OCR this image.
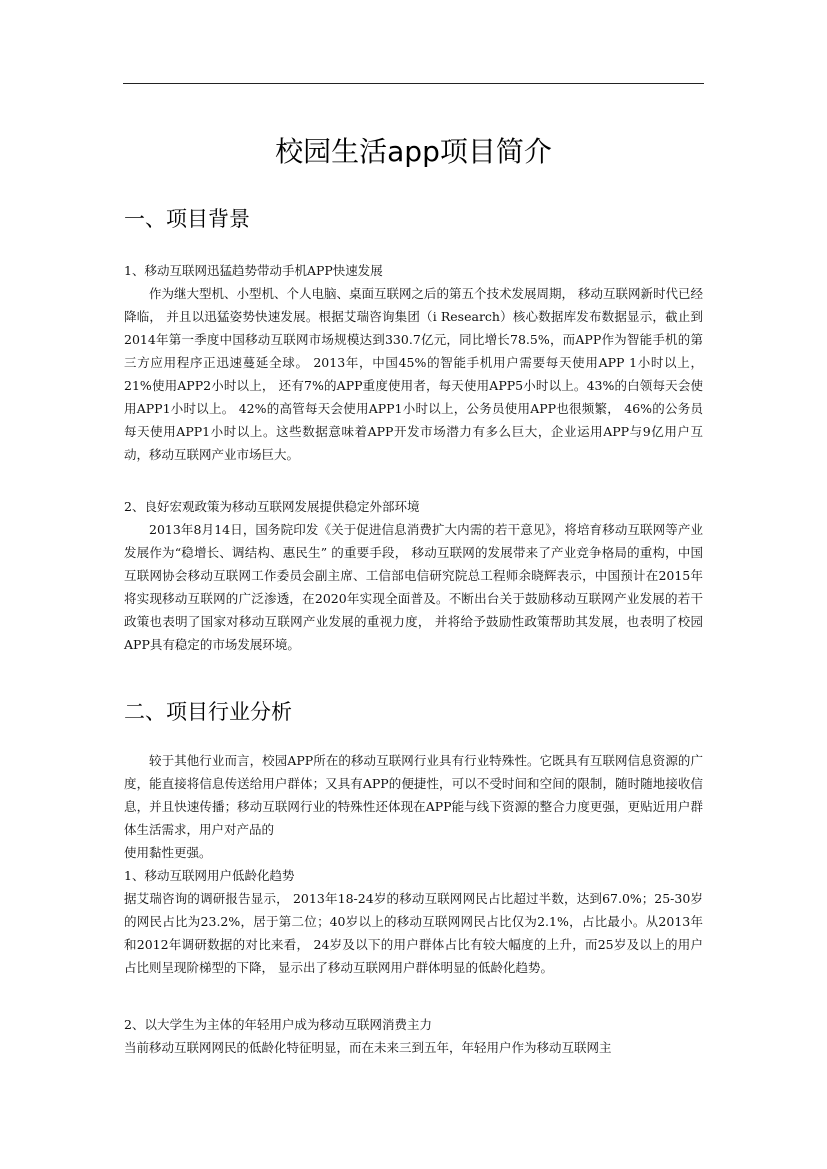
校园生活app项目简介
一、项目背景

1、移动互联网迅猛趋势带动手机APP快速发展

作为继大型机、小型机、个人电脑、桌面互联网之后的第五个技术发展周期， 移动互联网新时代已经降临， 并且以迅猛姿势快速发展。根据艾瑞咨询集团（i Research）核心数据库发布数据显示，截止到2014年第一季度中国移动互联网市场规模达到330.7亿元，同比增长78.5%，而APP作为智能手机的第三方应用程序正迅速蔓延全球。 2013年，中国45%的智能手机用户需要每天使用APP 1小时以上， 21%使用APP2小时以上， 还有7%的APP重度使用者，每天使用APP5小时以上。43%的白领每天会使用APP1小时以上。 42%的高管每天会使用APP1小时以上，公务员使用APP也很频繁， 46%的公务员每天使用APP1小时以上。这些数据意味着APP开发市场潜力有多么巨大，企业运用APP与9亿用户互动，移动互联网产业市场巨大。

2、良好宏观政策为移动互联网发展提供稳定外部环境

2013年8月14日，国务院印发《关于促进信息消费扩大内需的若干意见》，将培育移动互联网等产业发展作为“稳增长、调结构、惠民生” 的重要手段， 移动互联网的发展带来了产业竞争格局的重构，中国互联网协会移动互联网工作委员会副主席、工信部电信研究院总工程师余晓辉表示，中国预计在2015年将实现移动互联网的广泛渗透，在2020年实现全面普及。不断出台关于鼓励移动互联网产业发展的若干政策也表明了国家对移动互联网产业发展的重视力度， 并将给予鼓励性政策帮助其发展，也表明了校园APP具有稳定的市场发展环境。

二、项目行业分析

较于其他行业而言，校园APP所在的移动互联网行业具有行业特殊性。它既具有互联网信息资源的广度，能直接将信息传送给用户群体；又具有APP的便捷性，可以不受时间和空间的限制，随时随地接收信息，并且快速传播；移动互联网行业的特殊性还体现在APP能与线下资源的整合力度更强，更贴近用户群体生活需求，用户对产品的

使用黏性更强。

1、移动互联网用户低龄化趋势

据艾瑞咨询的调研报告显示， 2013年18-24岁的移动互联网网民占比超过半数，达到67.0%；25-30岁的网民占比为23.2%，居于第二位；40岁以上的移动互联网网民占比仅为2.1%，占比最小。从2013年和2012年调研数据的对比来看， 24岁及以下的用户群体占比有较大幅度的上升，而25岁及以上的用户占比则呈现阶梯型的下降， 显示出了移动互联网用户群体明显的低龄化趋势。

2、以大学生为主体的年轻用户成为移动互联网消费主力

当前移动互联网网民的低龄化特征明显，而在未来三到五年，年轻用户作为移动互联网主
